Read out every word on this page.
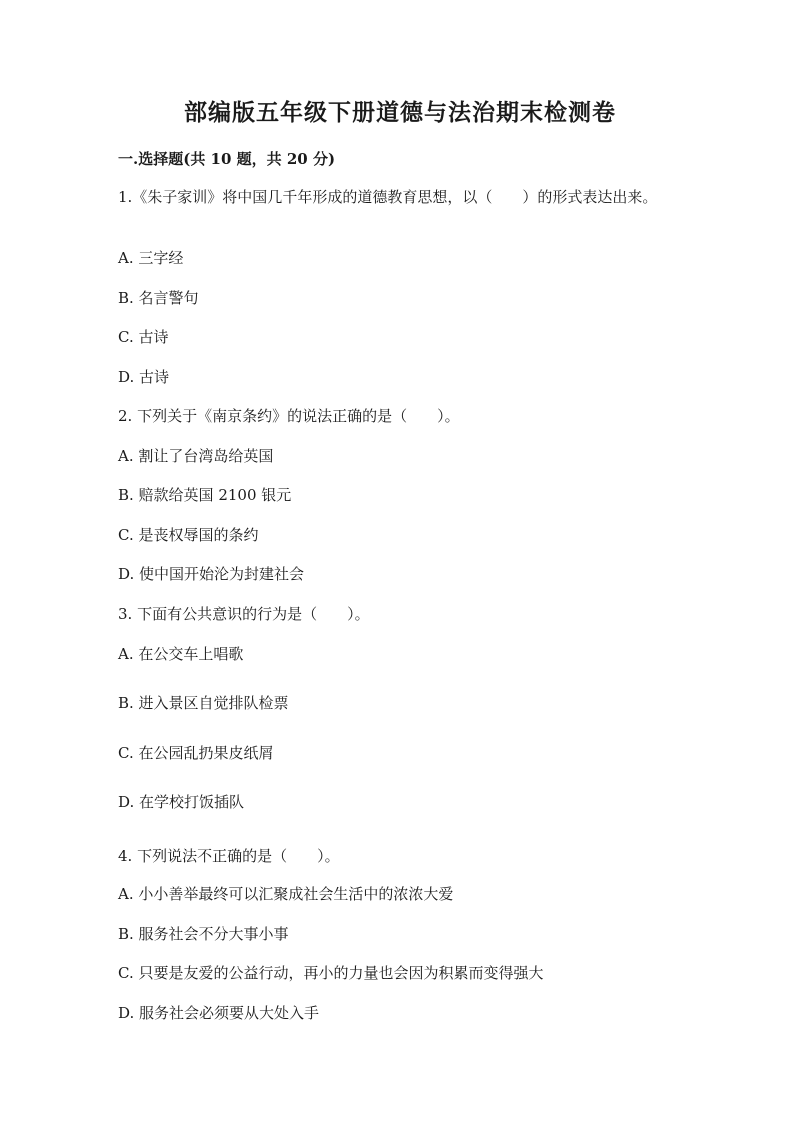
部编版五年级下册道德与法治期末检测卷
一.选择题(共 10 题，共 20 分)
1.《朱子家训》将中国几千年形成的道德教育思想，以（　　）的形式表达出来。
A. 三字经
B. 名言警句
C. 古诗
D. 古诗
2. 下列关于《南京条约》的说法正确的是（　　）。
A. 割让了台湾岛给英国
B. 赔款给英国 2100 银元
C. 是丧权辱国的条约
D. 使中国开始沦为封建社会
3. 下面有公共意识的行为是（　　）。
A. 在公交车上唱歌
B. 进入景区自觉排队检票
C. 在公园乱扔果皮纸屑
D. 在学校打饭插队
4. 下列说法不正确的是（　　）。
A. 小小善举最终可以汇聚成社会生活中的浓浓大爱
B. 服务社会不分大事小事
C. 只要是友爱的公益行动，再小的力量也会因为积累而变得强大
D. 服务社会必须要从大处入手
